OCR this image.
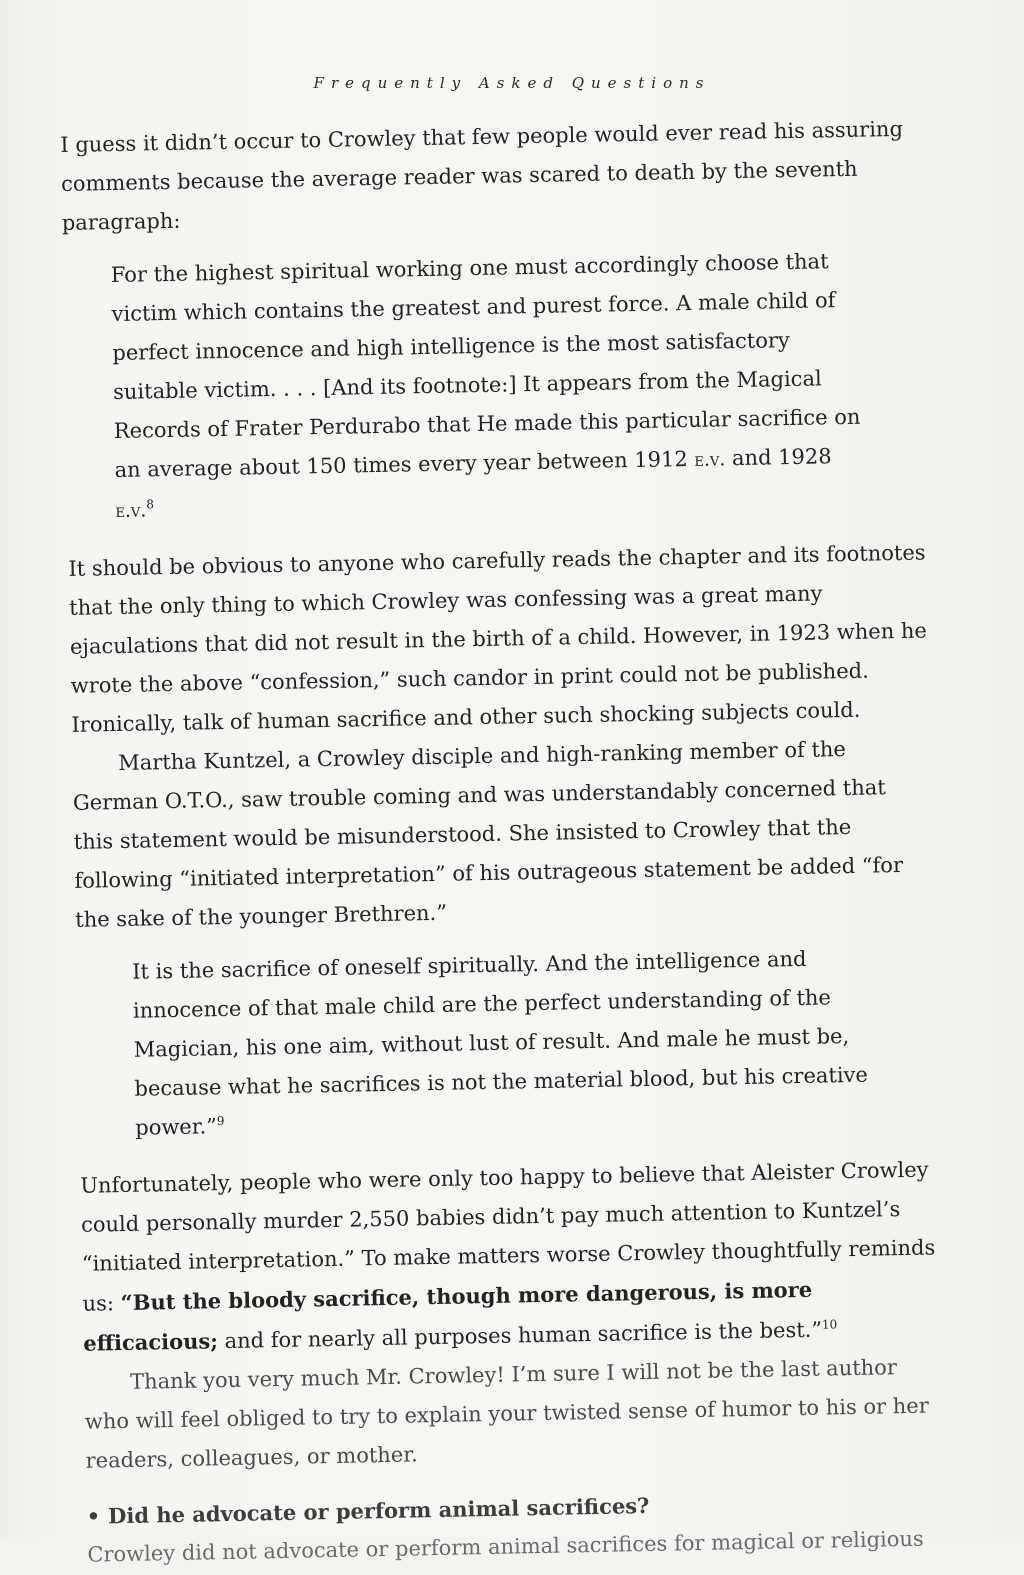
Frequently Asked Questions

I guess it didn’t occur to Crowley that few people would ever read his assuring comments because the average reader was scared to death by the seventh paragraph:

For the highest spiritual working one must accordingly choose that victim which contains the greatest and purest force. A male child of perfect innocence and high intelligence is the most satisfactory suitable victim. . . . [And its footnote:] It appears from the Magical Records of Frater Perdurabo that He made this particular sacrifice on an average about 150 times every year between 1912 e.v. and 1928 e.v.$^8$

It should be obvious to anyone who carefully reads the chapter and its footnotes that the only thing to which Crowley was confessing was a great many ejaculations that did not result in the birth of a child. However, in 1923 when he wrote the above “confession,” such candor in print could not be published. Ironically, talk of human sacrifice and other such shocking subjects could.

Martha Kuntzel, a Crowley disciple and high-ranking member of the German O.T.O., saw trouble coming and was understandably concerned that this statement would be misunderstood. She insisted to Crowley that the following “initiated interpretation” of his outrageous statement be added “for the sake of the younger Brethren.”

It is the sacrifice of oneself spiritually. And the intelligence and innocence of that male child are the perfect understanding of the Magician, his one aim, without lust of result. And male he must be, because what he sacrifices is not the material blood, but his creative power.”$^9$

Unfortunately, people who were only too happy to believe that Aleister Crowley could personally murder 2,550 babies didn’t pay much attention to Kuntzel’s “initiated interpretation.” To make matters worse Crowley thoughtfully reminds us: “But the bloody sacrifice, though more dangerous, is more efficacious; and for nearly all purposes human sacrifice is the best.”$^{10}$

Thank you very much Mr. Crowley! I’m sure I will not be the last author who will feel obliged to try to explain your twisted sense of humor to his or her readers, colleagues, or mother.

• Did he advocate or perform animal sacrifices?

Crowley did not advocate or perform animal sacrifices for magical or religious
